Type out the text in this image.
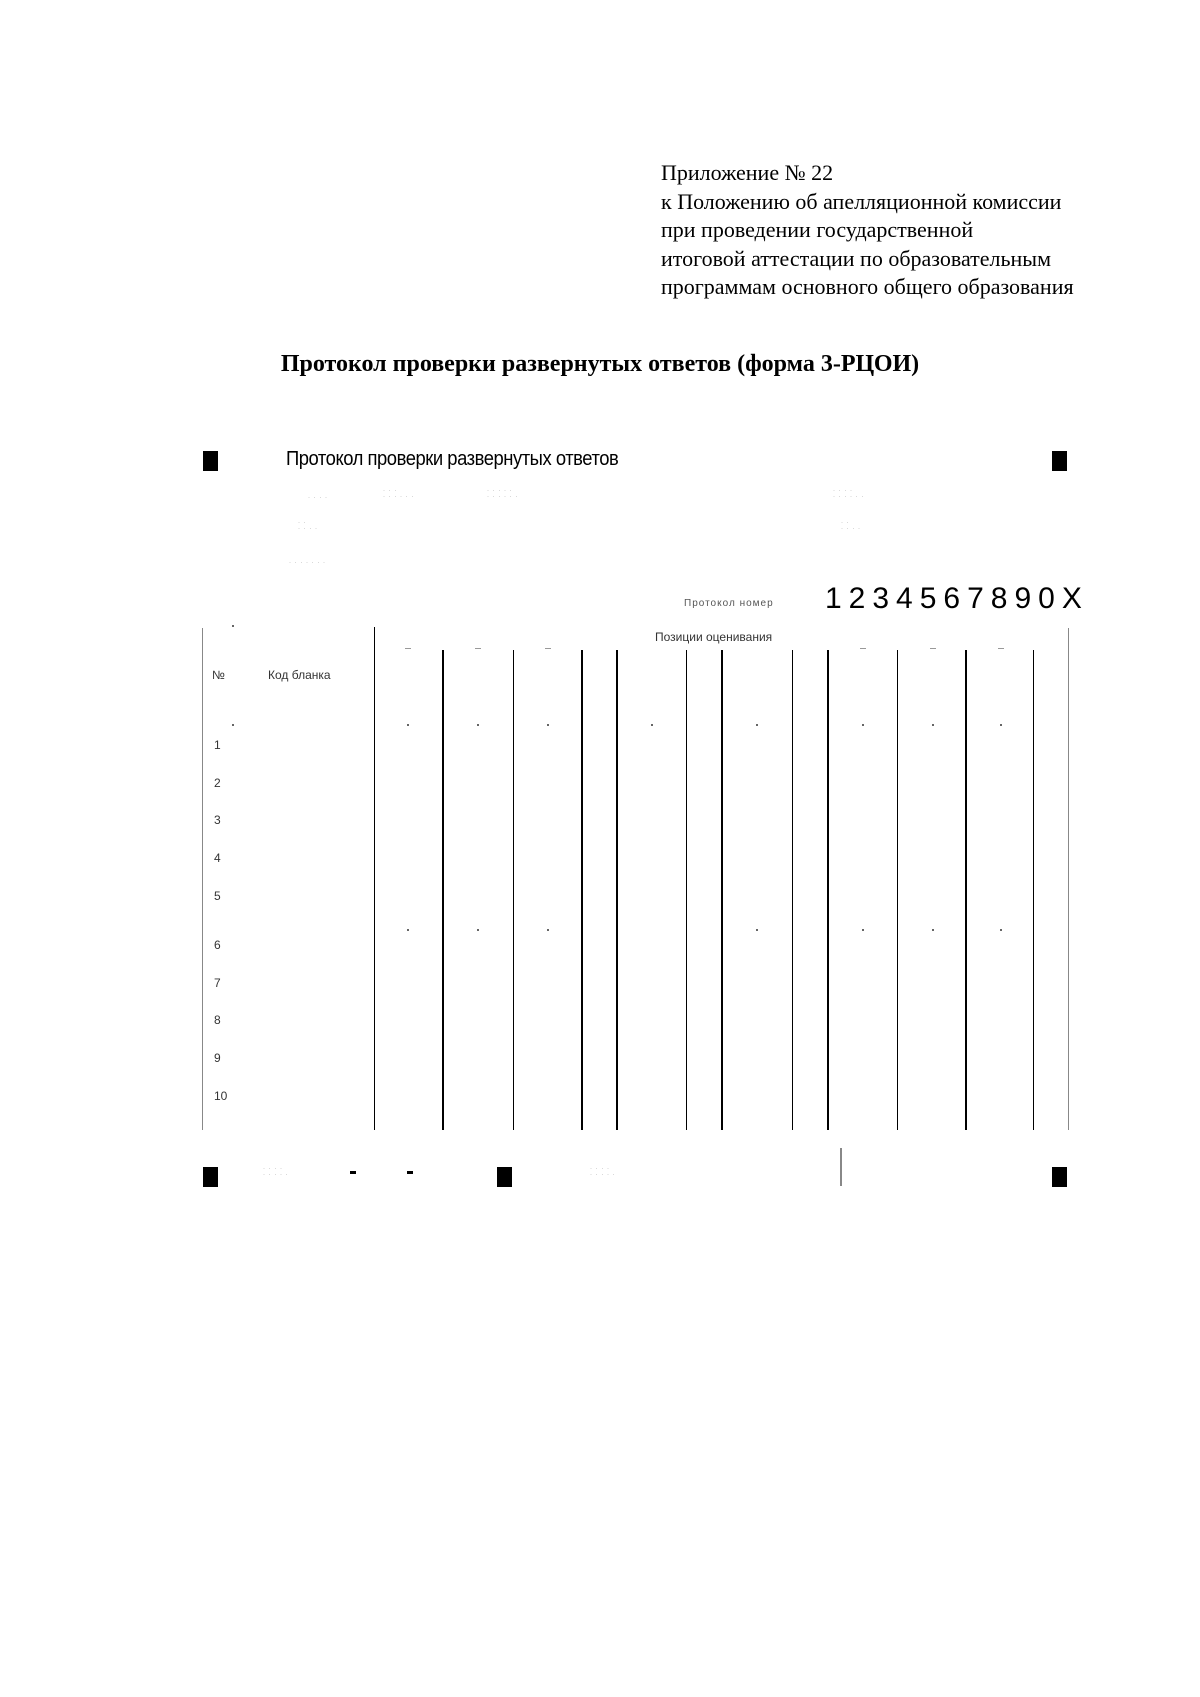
Приложение № 22
к Положению об апелляционной комиссии
при проведении государственной
итоговой аттестации по образовательным
программам основного общего образования
Протокол проверки развернутых ответов (форма 3-РЦОИ)
Протокол проверки развернутых ответов
· · · ·
· · ·
· · · · · ·
· · · · ·
· · · · · ·
· · · ·
· · · · · ·
· ·
· · · ·
· ·
· · · ·
· · · · · · ·
· · · ·
· · · · ·
· · · ·
· · · · ·
Протокол номер 1234567890X
№	Код бланка
Позиции оценивания
1
2
3
4
5
6
7
8
9
10
